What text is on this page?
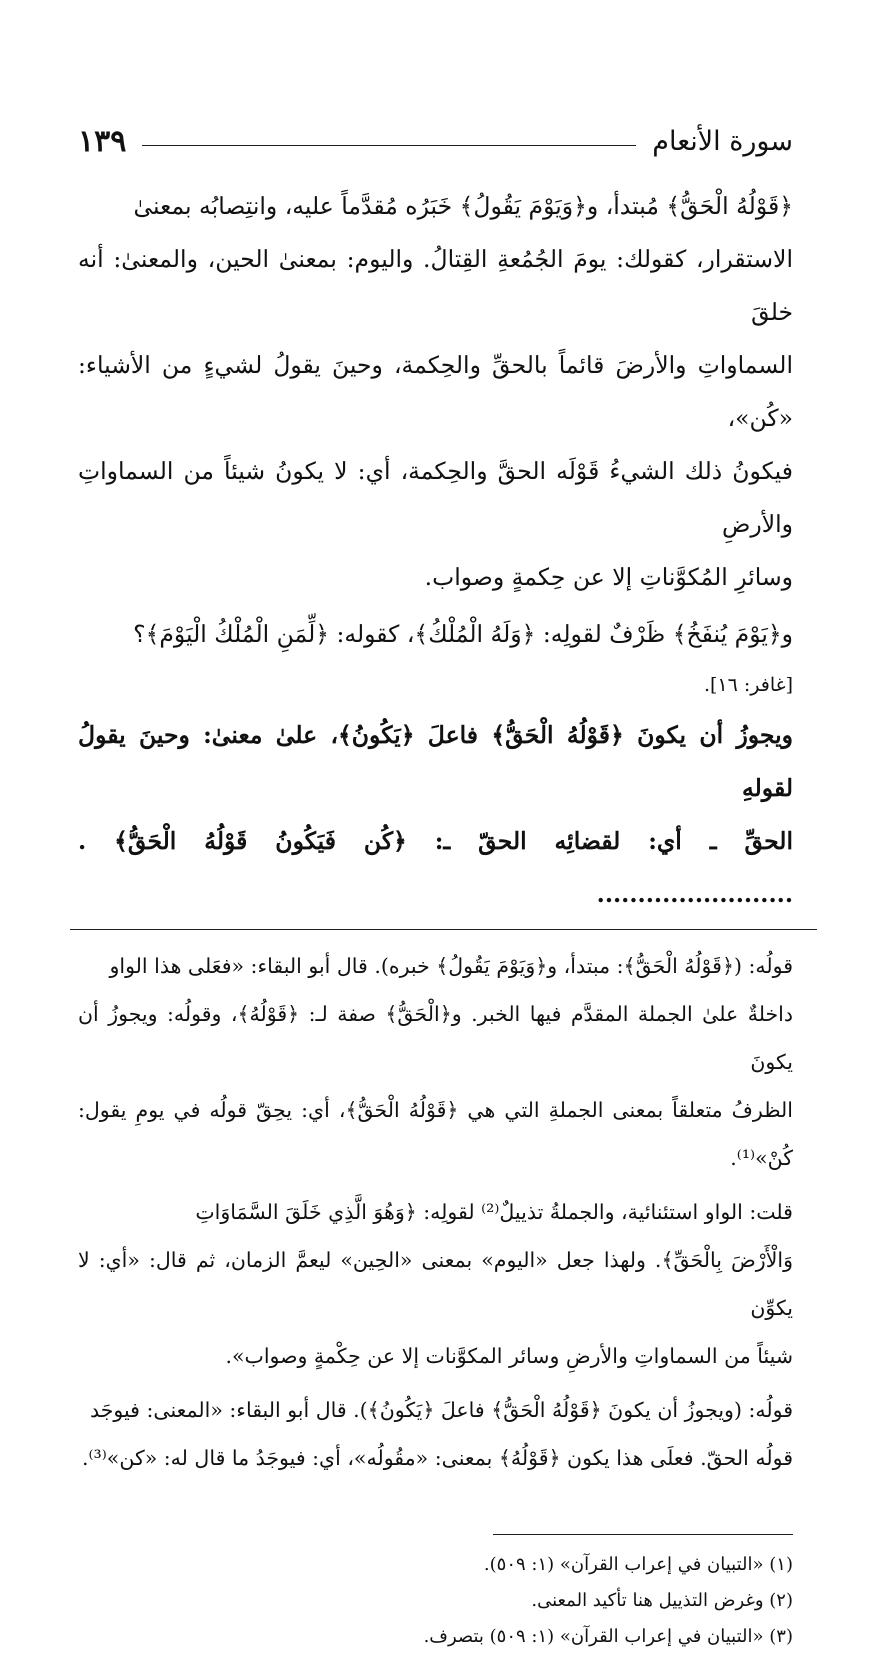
سورة الأنعام
١٣٩

﴿قَوْلُهُ الْحَقُّ﴾ مُبتدأ، و﴿وَيَوْمَ يَقُولُ﴾ خَبَرُه مُقدَّماً عليه، وانتِصابُه بمعنىٰ

الاستقرار، كقولك: يومَ الجُمُعةِ القِتالُ. واليوم: بمعنىٰ الحين، والمعنىٰ: أنه خلقَ

السماواتِ والأرضَ قائماً بالحقِّ والحِكمة، وحينَ يقولُ لشيءٍ من الأشياء: «كُن»،

فيكونُ ذلك الشيءُ قَوْلَه الحقَّ والحِكمة، أي: لا يكونُ شيئاً من السماواتِ والأرضِ

وسائرِ المُكوَّناتِ إلا عن حِكمةٍ وصواب.

و﴿يَوْمَ يُنفَخُ﴾ ظَرْفٌ لقولِه: ﴿وَلَهُ الْمُلْكُ﴾، كقوله: ﴿لِّمَنِ الْمُلْكُ الْيَوْمَ﴾؟

[غافر: ١٦].

ويجوزُ أن يكونَ ﴿قَوْلُهُ الْحَقُّ﴾ فاعلَ ﴿يَكُونُ﴾، علىٰ معنىٰ: وحينَ يقولُ لقولهِ

الحقِّ ـ أي: لقضائِه الحقّ ـ: ﴿كُن فَيَكُونُ قَوْلُهُ الْحَقُّ﴾ . ........................

قولُه: (﴿قَوْلُهُ الْحَقُّ﴾: مبتدأ، و﴿وَيَوْمَ يَقُولُ﴾ خبره). قال أبو البقاء: «فعَلى هذا الواو

داخلةٌ علىٰ الجملة المقدَّم فيها الخبر. و﴿الْحَقُّ﴾ صفة لـ: ﴿قَوْلُهُ﴾، وقولُه: ويجوزُ أن يكونَ

الظرفُ متعلقاً بمعنى الجملةِ التي هي ﴿قَوْلُهُ الْحَقُّ﴾، أي: يحِقّ قولُه في يومِ يقول: كُنْ»⁽¹⁾.

قلت: الواو استئنائية، والجملةُ تذييلٌ⁽²⁾ لقولِه: ﴿وَهُوَ الَّذِي خَلَقَ السَّمَاوَاتِ

وَالْأَرْضَ بِالْحَقِّ﴾. ولهذا جعل «اليوم» بمعنى «الحِين» ليعمَّ الزمان، ثم قال: «أي: لا يكوِّن

شيئاً من السماواتِ والأرضِ وسائر المكوَّنات إلا عن حِكْمةٍ وصواب».

قولُه: (ويجوزُ أن يكونَ ﴿قَوْلُهُ الْحَقُّ﴾ فاعلَ ﴿يَكُونُ﴾). قال أبو البقاء: «المعنى: فيوجَد

قولُه الحقّ. فعلَى هذا يكون ﴿قَوْلُهُ﴾ بمعنى: «مقُولُه»، أي: فيوجَدُ ما قال له: «كن»⁽³⁾.

(١) «التبيان في إعراب القرآن» (١: ٥٠٩).

(٢) وغرض التذييل هنا تأكيد المعنى.

(٣) «التبيان في إعراب القرآن» (١: ٥٠٩) بتصرف.
